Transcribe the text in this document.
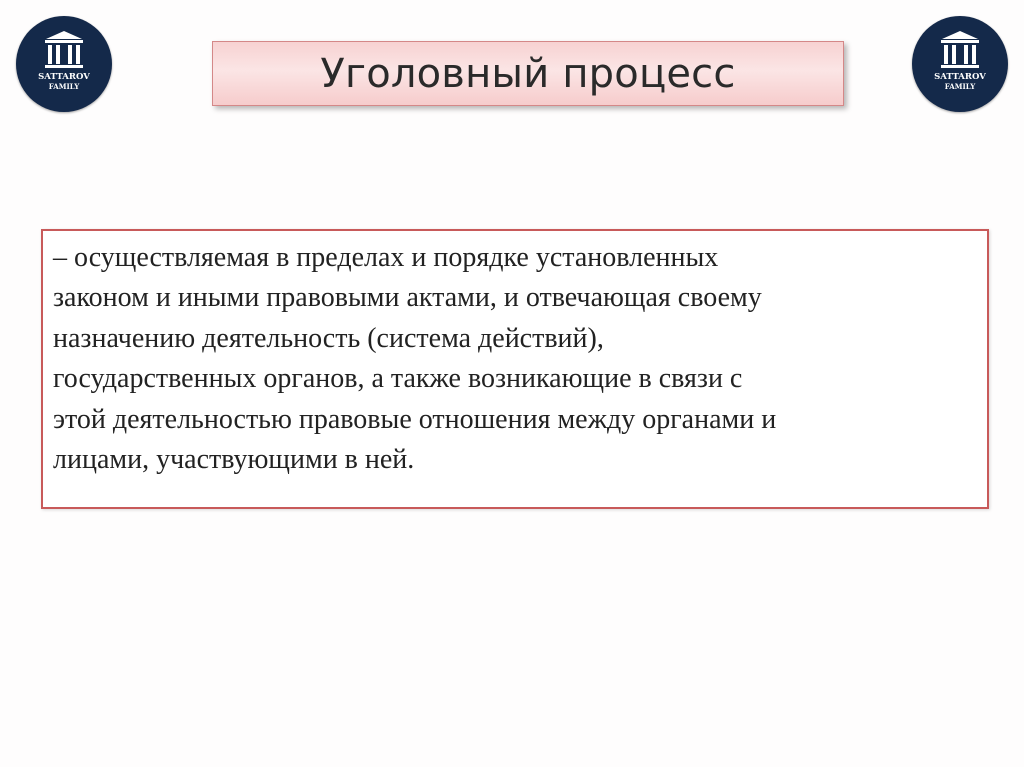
SATTAROV
FAMILY
SATTAROV
FAMILY
Уголовный процесс

– осуществляемая в пределах и порядке установленных
законом и иными правовыми актами, и отвечающая своему
назначению деятельность (система действий),
государственных органов, а также возникающие в связи с
этой деятельностью правовые отношения между органами и
лицами, участвующими в ней.
